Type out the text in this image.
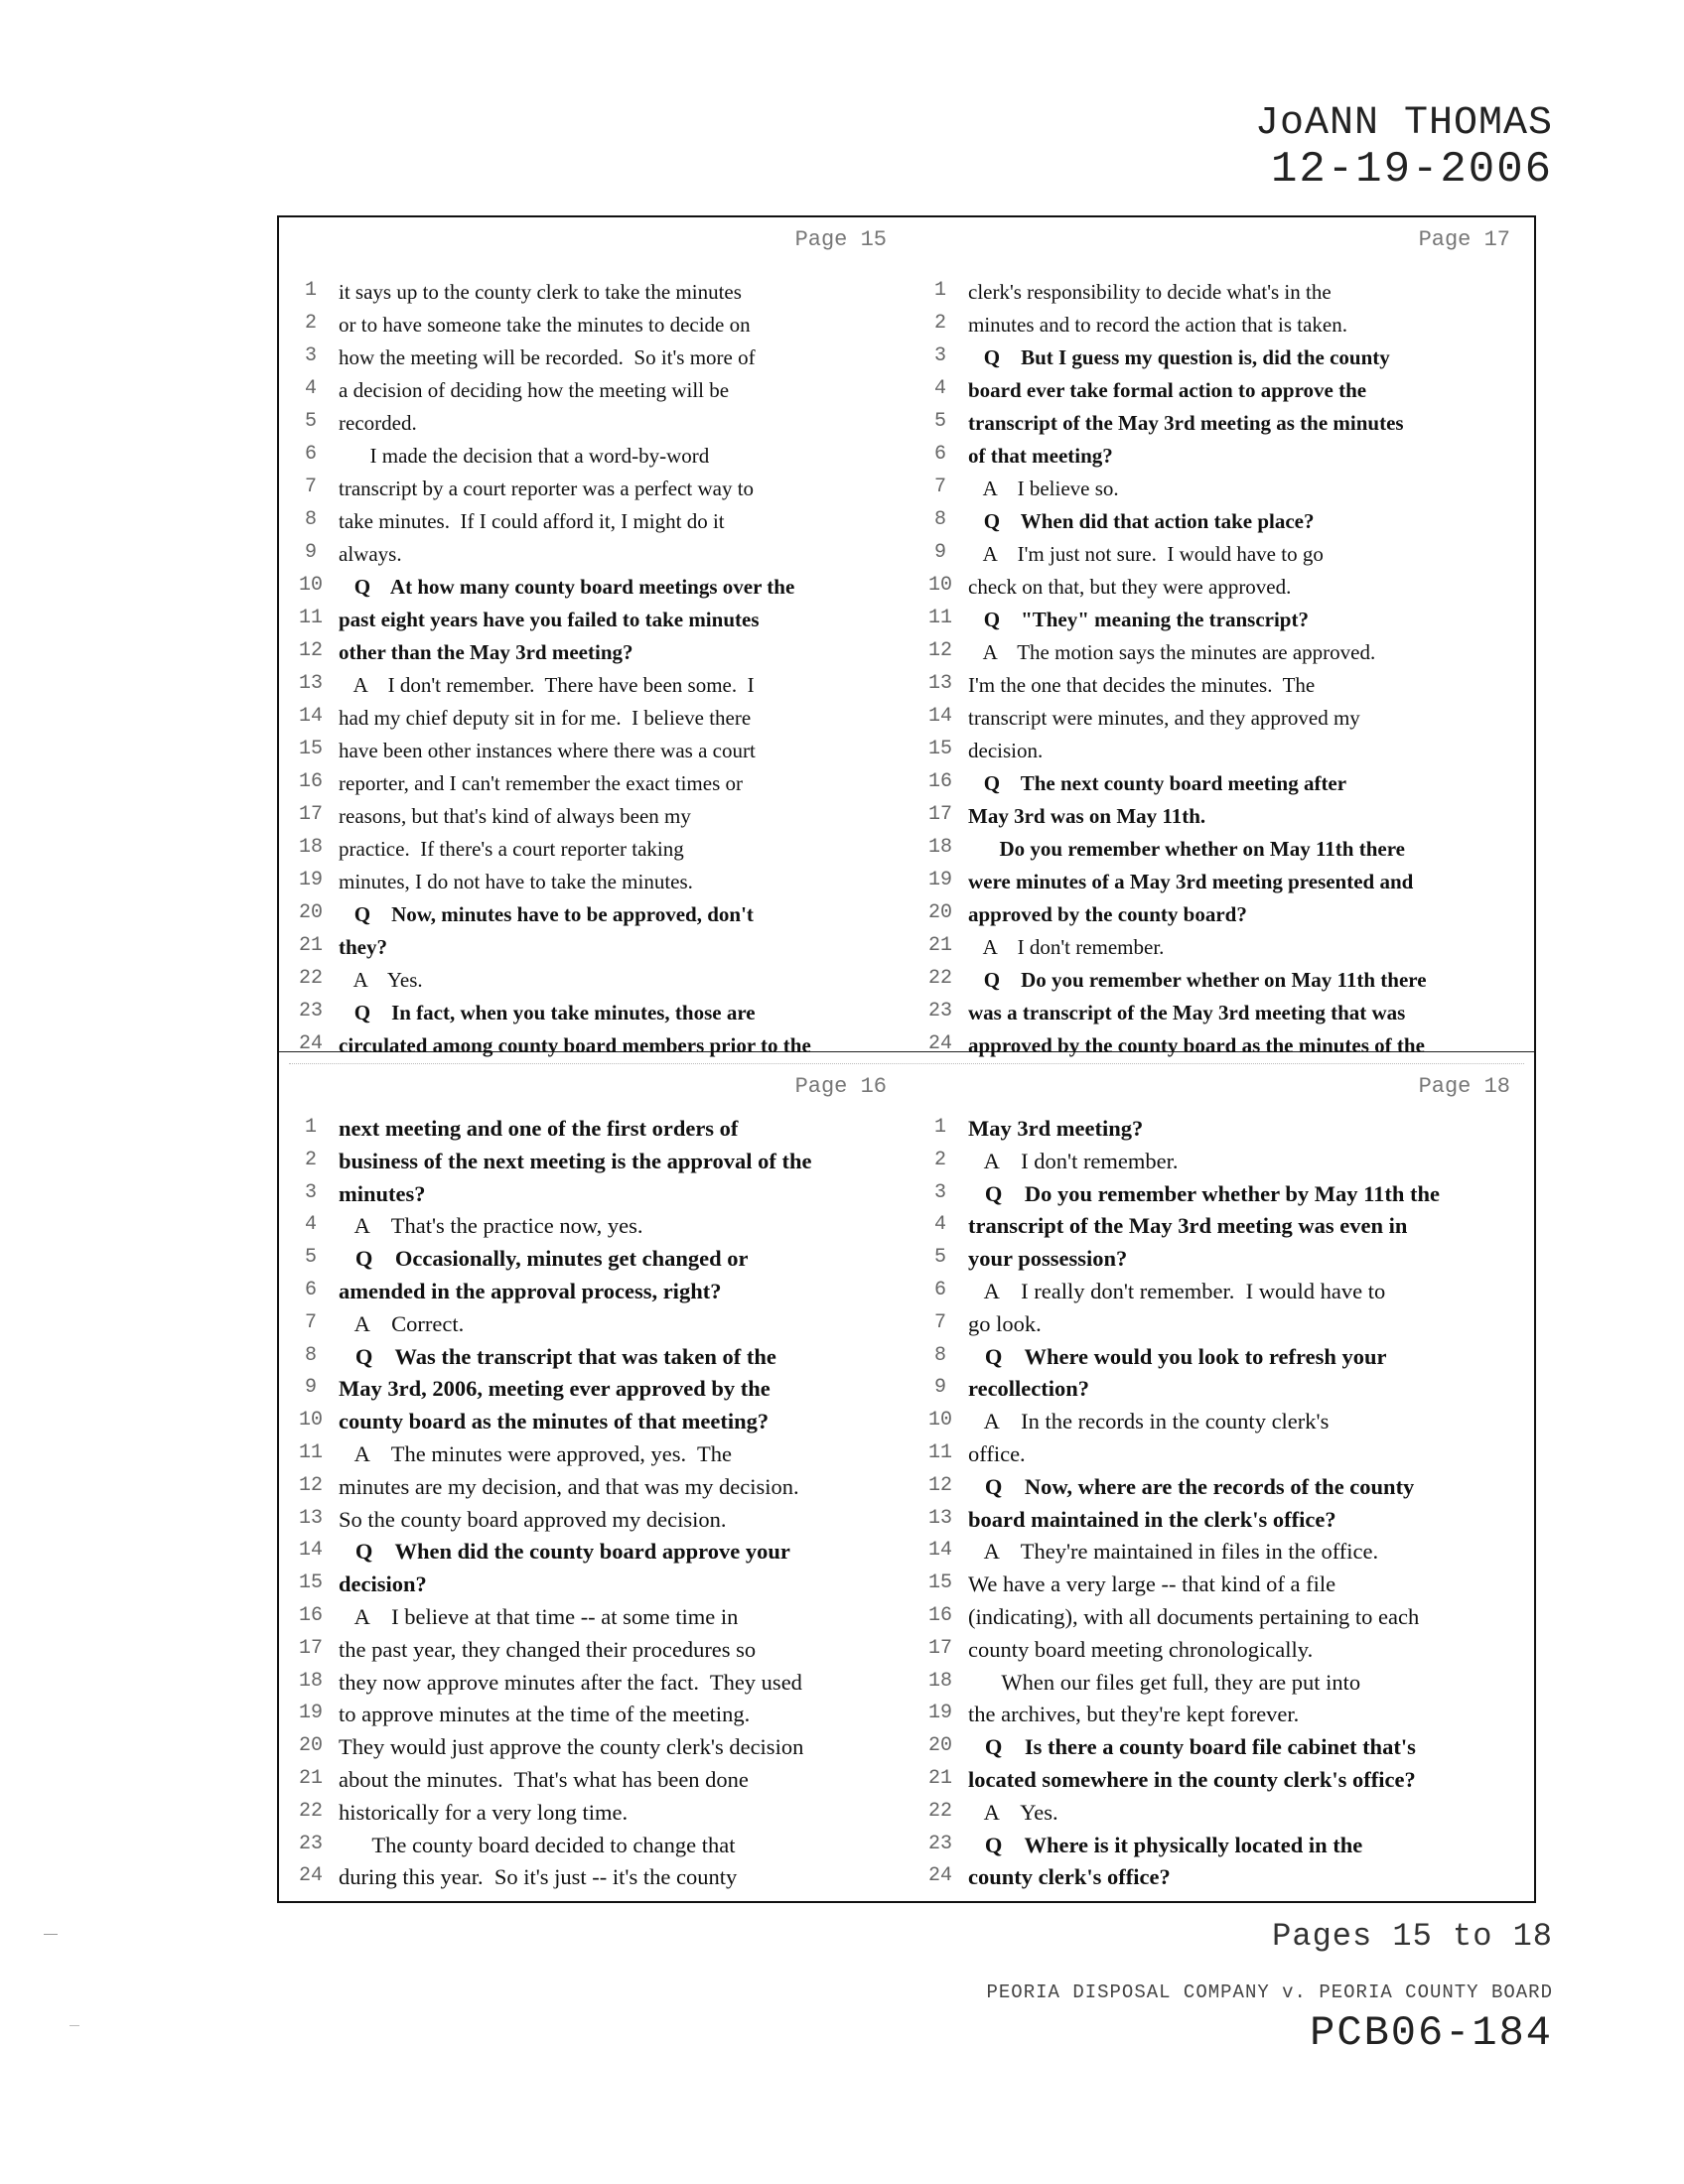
JoANN THOMAS
12-19-2006
Page 15
1 it says up to the county clerk to take the minutes
2 or to have someone take the minutes to decide on
3 how the meeting will be recorded.  So it's more of
4 a decision of deciding how the meeting will be
5 recorded.
6 I made the decision that a word-by-word
7 transcript by a court reporter was a perfect way to
8 take minutes.  If I could afford it, I might do it
9 always.
10 Q    At how many county board meetings over the
11 past eight years have you failed to take minutes
12 other than the May 3rd meeting?
13 A    I don't remember.  There have been some.  I
14 had my chief deputy sit in for me.  I believe there
15 have been other instances where there was a court
16 reporter, and I can't remember the exact times or
17 reasons, but that's kind of always been my
18 practice.  If there's a court reporter taking
19 minutes, I do not have to take the minutes.
20 Q    Now, minutes have to be approved, don't
21 they?
22 A    Yes.
23 Q    In fact, when you take minutes, those are
24 circulated among county board members prior to the
Page 17
1 clerk's responsibility to decide what's in the
2 minutes and to record the action that is taken.
3 Q    But I guess my question is, did the county
4 board ever take formal action to approve the
5 transcript of the May 3rd meeting as the minutes
6 of that meeting?
7 A    I believe so.
8 Q    When did that action take place?
9 A    I'm just not sure.  I would have to go
10 check on that, but they were approved.
11 Q    "They" meaning the transcript?
12 A    The motion says the minutes are approved.
13 I'm the one that decides the minutes.  The
14 transcript were minutes, and they approved my
15 decision.
16 Q    The next county board meeting after
17 May 3rd was on May 11th.
18 Do you remember whether on May 11th there
19 were minutes of a May 3rd meeting presented and
20 approved by the county board?
21 A    I don't remember.
22 Q    Do you remember whether on May 11th there
23 was a transcript of the May 3rd meeting that was
24 approved by the county board as the minutes of the
Page 16
1 next meeting and one of the first orders of
2 business of the next meeting is the approval of the
3 minutes?
4 A    That's the practice now, yes.
5 Q    Occasionally, minutes get changed or
6 amended in the approval process, right?
7 A    Correct.
8 Q    Was the transcript that was taken of the
9 May 3rd, 2006, meeting ever approved by the
10 county board as the minutes of that meeting?
11 A    The minutes were approved, yes.  The
12 minutes are my decision, and that was my decision.
13 So the county board approved my decision.
14 Q    When did the county board approve your
15 decision?
16 A    I believe at that time -- at some time in
17 the past year, they changed their procedures so
18 they now approve minutes after the fact.  They used
19 to approve minutes at the time of the meeting.
20 They would just approve the county clerk's decision
21 about the minutes.  That's what has been done
22 historically for a very long time.
23 The county board decided to change that
24 during this year.  So it's just -- it's the county
Page 18
1 May 3rd meeting?
2 A    I don't remember.
3 Q    Do you remember whether by May 11th the
4 transcript of the May 3rd meeting was even in
5 your possession?
6 A    I really don't remember.  I would have to
7 go look.
8 Q    Where would you look to refresh your
9 recollection?
10 A    In the records in the county clerk's
11 office.
12 Q    Now, where are the records of the county
13 board maintained in the clerk's office?
14 A    They're maintained in files in the office.
15 We have a very large -- that kind of a file
16 (indicating), with all documents pertaining to each
17 county board meeting chronologically.
18 When our files get full, they are put into
19 the archives, but they're kept forever.
20 Q    Is there a county board file cabinet that's
21 located somewhere in the county clerk's office?
22 A    Yes.
23 Q    Where is it physically located in the
24 county clerk's office?
Pages 15 to 18
PEORIA DISPOSAL COMPANY v. PEORIA COUNTY BOARD
PCB06-184
